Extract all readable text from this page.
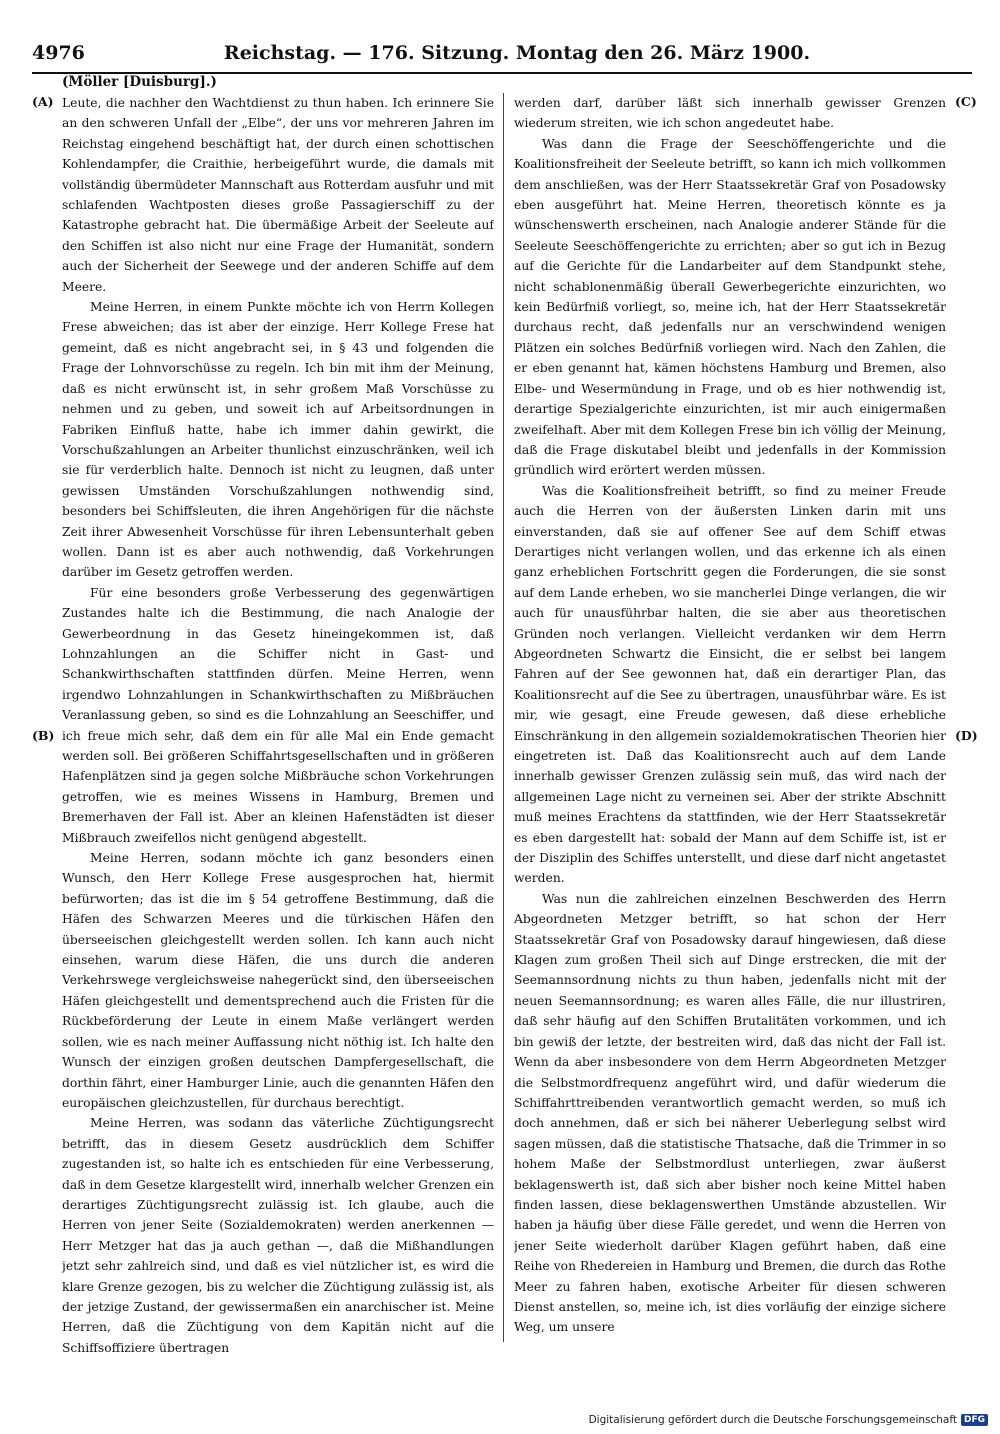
4976	Reichstag. — 176. Sitzung. Montag den 26. März 1900.
(Möller [Duisburg].)
(A)
(B)
(C)
(D)

Leute, die nachher den Wachtdienst zu thun haben. Ich erinnere Sie an den schweren Unfall der „Elbe“, der uns vor mehreren Jahren im Reichstag eingehend beschäftigt hat, der durch einen schottischen Kohlendampfer, die Craithie, herbeigeführt wurde, die damals mit vollständig übermüdeter Mannschaft aus Rotterdam ausfuhr und mit schlafenden Wachtposten dieses große Passagierschiff zu der Katastrophe gebracht hat. Die übermäßige Arbeit der Seeleute auf den Schiffen ist also nicht nur eine Frage der Humanität, sondern auch der Sicherheit der Seewege und der anderen Schiffe auf dem Meere.

Meine Herren, in einem Punkte möchte ich von Herrn Kollegen Frese abweichen; das ist aber der einzige. Herr Kollege Frese hat gemeint, daß es nicht angebracht sei, in § 43 und folgenden die Frage der Lohnvorschüsse zu regeln. Ich bin mit ihm der Meinung, daß es nicht erwünscht ist, in sehr großem Maß Vorschüsse zu nehmen und zu geben, und soweit ich auf Arbeitsordnungen in Fabriken Einfluß hatte, habe ich immer dahin gewirkt, die Vorschußzahlungen an Arbeiter thunlichst einzuschränken, weil ich sie für verderblich halte. Dennoch ist nicht zu leugnen, daß unter gewissen Umständen Vorschußzahlungen nothwendig sind, besonders bei Schiffsleuten, die ihren Angehörigen für die nächste Zeit ihrer Abwesenheit Vorschüsse für ihren Lebensunterhalt geben wollen. Dann ist es aber auch nothwendig, daß Vorkehrungen darüber im Gesetz getroffen werden.

Für eine besonders große Verbesserung des gegenwärtigen Zustandes halte ich die Bestimmung, die nach Analogie der Gewerbeordnung in das Gesetz hineingekommen ist, daß Lohnzahlungen an die Schiffer nicht in Gast- und Schankwirthschaften stattfinden dürfen. Meine Herren, wenn irgendwo Lohnzahlungen in Schankwirthschaften zu Mißbräuchen Veranlassung geben, so sind es die Lohnzahlung an Seeschiffer, und ich freue mich sehr, daß dem ein für alle Mal ein Ende gemacht werden soll. Bei größeren Schiffahrtsgesellschaften und in größeren Hafenplätzen sind ja gegen solche Mißbräuche schon Vorkehrungen getroffen, wie es meines Wissens in Hamburg, Bremen und Bremerhaven der Fall ist. Aber an kleinen Hafenstädten ist dieser Mißbrauch zweifellos nicht genügend abgestellt.

Meine Herren, sodann möchte ich ganz besonders einen Wunsch, den Herr Kollege Frese ausgesprochen hat, hiermit befürworten; das ist die im § 54 getroffene Bestimmung, daß die Häfen des Schwarzen Meeres und die türkischen Häfen den überseeischen gleichgestellt werden sollen. Ich kann auch nicht einsehen, warum diese Häfen, die uns durch die anderen Verkehrswege vergleichsweise nahegerückt sind, den überseeischen Häfen gleichgestellt und dementsprechend auch die Fristen für die Rückbeförderung der Leute in einem Maße verlängert werden sollen, wie es nach meiner Auffassung nicht nöthig ist. Ich halte den Wunsch der einzigen großen deutschen Dampfergesellschaft, die dorthin fährt, einer Hamburger Linie, auch die genannten Häfen den europäischen gleichzustellen, für durchaus berechtigt.

Meine Herren, was sodann das väterliche Züchtigungsrecht betrifft, das in diesem Gesetz ausdrücklich dem Schiffer zugestanden ist, so halte ich es entschieden für eine Verbesserung, daß in dem Gesetze klargestellt wird, innerhalb welcher Grenzen ein derartiges Züchtigungsrecht zulässig ist. Ich glaube, auch die Herren von jener Seite (Sozialdemokraten) werden anerkennen — Herr Metzger hat das ja auch gethan —, daß die Mißhandlungen jetzt sehr zahlreich sind, und daß es viel nützlicher ist, es wird die klare Grenze gezogen, bis zu welcher die Züchtigung zulässig ist, als der jetzige Zustand, der gewissermaßen ein anarchischer ist. Meine Herren, daß die Züchtigung von dem Kapitän nicht auf die Schiffsoffiziere übertragen

werden darf, darüber läßt sich innerhalb gewisser Grenzen wiederum streiten, wie ich schon angedeutet habe.

Was dann die Frage der Seeschöffengerichte und die Koalitionsfreiheit der Seeleute betrifft, so kann ich mich vollkommen dem anschließen, was der Herr Staatssekretär Graf von Posadowsky eben ausgeführt hat. Meine Herren, theoretisch könnte es ja wünschenswerth erscheinen, nach Analogie anderer Stände für die Seeleute Seeschöffengerichte zu errichten; aber so gut ich in Bezug auf die Gerichte für die Landarbeiter auf dem Standpunkt stehe, nicht schablonenmäßig überall Gewerbegerichte einzurichten, wo kein Bedürfniß vorliegt, so, meine ich, hat der Herr Staatssekretär durchaus recht, daß jedenfalls nur an verschwindend wenigen Plätzen ein solches Bedürfniß vorliegen wird. Nach den Zahlen, die er eben genannt hat, kämen höchstens Hamburg und Bremen, also Elbe- und Wesermündung in Frage, und ob es hier nothwendig ist, derartige Spezialgerichte einzurichten, ist mir auch einigermaßen zweifelhaft. Aber mit dem Kollegen Frese bin ich völlig der Meinung, daß die Frage diskutabel bleibt und jedenfalls in der Kommission gründlich wird erörtert werden müssen.

Was die Koalitionsfreiheit betrifft, so find zu meiner Freude auch die Herren von der äußersten Linken darin mit uns einverstanden, daß sie auf offener See auf dem Schiff etwas Derartiges nicht verlangen wollen, und das erkenne ich als einen ganz erheblichen Fortschritt gegen die Forderungen, die sie sonst auf dem Lande erheben, wo sie mancherlei Dinge verlangen, die wir auch für unausführbar halten, die sie aber aus theoretischen Gründen noch verlangen. Vielleicht verdanken wir dem Herrn Abgeordneten Schwartz die Einsicht, die er selbst bei langem Fahren auf der See gewonnen hat, daß ein derartiger Plan, das Koalitionsrecht auf die See zu übertragen, unausführbar wäre. Es ist mir, wie gesagt, eine Freude gewesen, daß diese erhebliche Einschränkung in den allgemein sozialdemokratischen Theorien hier eingetreten ist. Daß das Koalitionsrecht auch auf dem Lande innerhalb gewisser Grenzen zulässig sein muß, das wird nach der allgemeinen Lage nicht zu verneinen sei. Aber der strikte Abschnitt muß meines Erachtens da stattfinden, wie der Herr Staatssekretär es eben dargestellt hat: sobald der Mann auf dem Schiffe ist, ist er der Disziplin des Schiffes unterstellt, und diese darf nicht angetastet werden.

Was nun die zahlreichen einzelnen Beschwerden des Herrn Abgeordneten Metzger betrifft, so hat schon der Herr Staatssekretär Graf von Posadowsky darauf hingewiesen, daß diese Klagen zum großen Theil sich auf Dinge erstrecken, die mit der Seemannsordnung nichts zu thun haben, jedenfalls nicht mit der neuen Seemannsordnung; es waren alles Fälle, die nur illustriren, daß sehr häufig auf den Schiffen Brutalitäten vorkommen, und ich bin gewiß der letzte, der bestreiten wird, daß das nicht der Fall ist. Wenn da aber insbesondere von dem Herrn Abgeordneten Metzger die Selbstmordfrequenz angeführt wird, und dafür wiederum die Schiffahrttreibenden verantwortlich gemacht werden, so muß ich doch annehmen, daß er sich bei näherer Ueberlegung selbst wird sagen müssen, daß die statistische Thatsache, daß die Trimmer in so hohem Maße der Selbstmordlust unterliegen, zwar äußerst beklagenswerth ist, daß sich aber bisher noch keine Mittel haben finden lassen, diese beklagenswerthen Umstände abzustellen. Wir haben ja häufig über diese Fälle geredet, und wenn die Herren von jener Seite wiederholt darüber Klagen geführt haben, daß eine Reihe von Rhedereien in Hamburg und Bremen, die durch das Rothe Meer zu fahren haben, exotische Arbeiter für diesen schweren Dienst anstellen, so, meine ich, ist dies vorläufig der einzige sichere Weg, um unsere

Digitalisierung gefördert durch die Deutsche Forschungsgemeinschaft DFG
